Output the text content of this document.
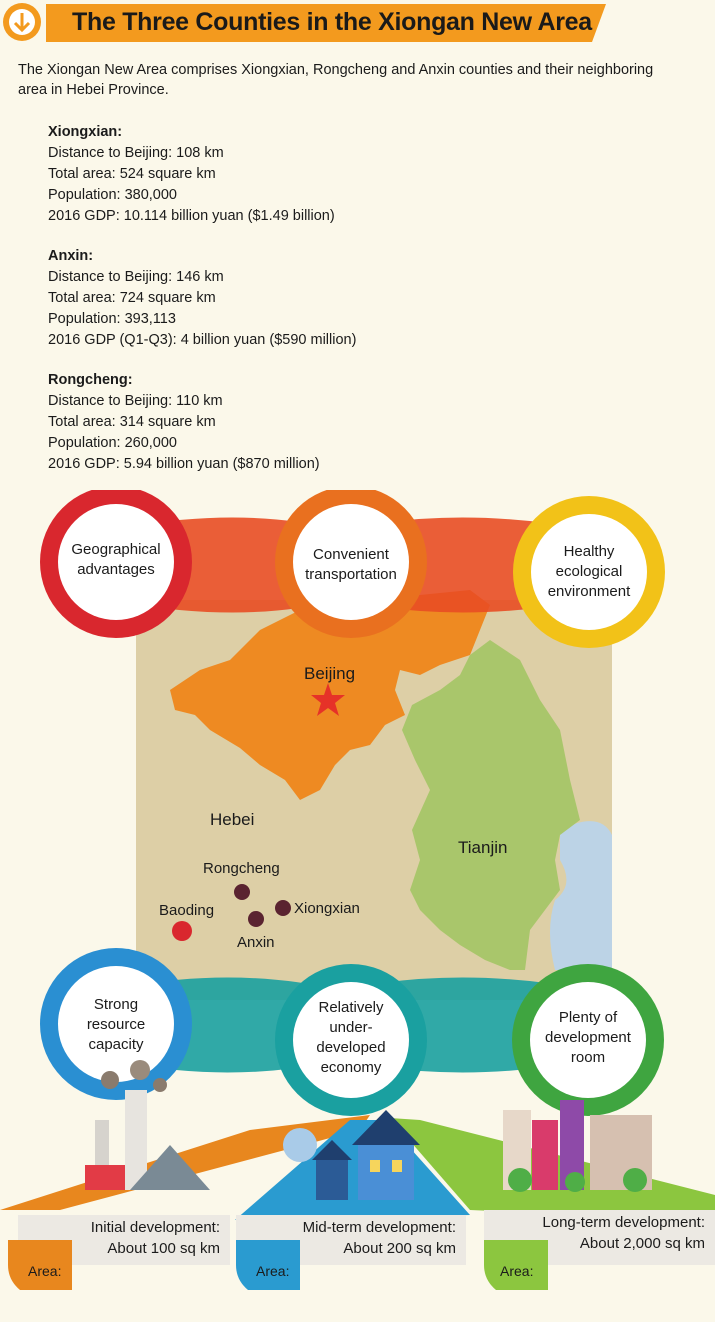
The Three Counties in the Xiongan New Area
The Xiongan New Area comprises Xiongxian, Rongcheng and Anxin counties and their neighboring area in Hebei Province.
Xiongxian:
Distance to Beijing: 108 km
Total area: 524 square km
Population: 380,000
2016 GDP: 10.114 billion yuan ($1.49 billion)
Anxin:
Distance to Beijing: 146 km
Total area: 724 square km
Population: 393,113
2016 GDP (Q1-Q3): 4 billion yuan ($590 million)
Rongcheng:
Distance to Beijing: 110 km
Total area: 314 square km
Population: 260,000
2016 GDP: 5.94 billion yuan ($870 million)
Geographical
advantages
Convenient
transportation
Healthy
ecological
environment
Beijing
Hebei
Tianjin
Rongcheng
Baoding	Xiongxian
Anxin
Strong
resource
capacity
Relatively
under-
developed
economy
Plenty of
development
room
Initial development:
About 100 sq km
Area:
Mid-term development:
About 200 sq km
Area:
Long-term development:
About 2,000 sq km
Area:
